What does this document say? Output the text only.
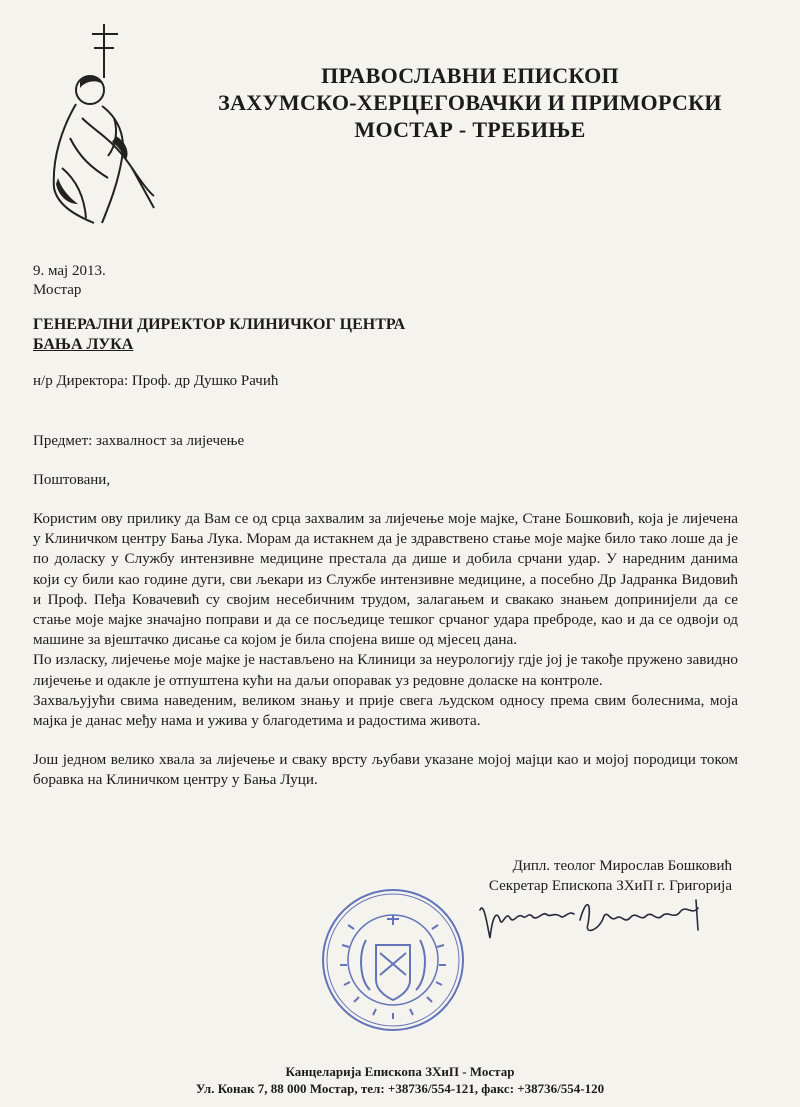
ПРАВОСЛАВНИ ЕПИСКОП
ЗАХУМСКО-ХЕРЦЕГОВАЧКИ И ПРИМОРСКИ
МОСТАР - ТРЕБИЊЕ
9. мај 2013.
Мостар
ГЕНЕРАЛНИ ДИРЕКТОР КЛИНИЧКОГ ЦЕНТРА
БАЊА ЛУКА
н/р Директора: Проф. др Душко Рачић
Предмет: захвалност за лијечење
Поштовани,

Користим ову прилику да Вам се од срца захвалим за лијечење моје мајке, Стане Бошковић, која је лијечена у Клиничком центру Бања Лука. Морам да истакнем да је здравствено стање моје мајке било тако лоше да је по доласку у Службу интензивне медицине престала да дише и добила срчани удар. У наредним данима који су били као године дуги, сви љекари из Службе интензивне медицине, а посебно Др Јадранка Видовић и Проф. Пеђа Ковачевић су својим несебичним трудом, залагањем и свакако знањем допринијели да се стање моје мајке значајно поправи и да се посљедице тешког срчаног удара преброде, као и да се одвоји од машине за вјештачко дисање са којом је била спојена више од мјесец дана.

По изласку, лијечење моје мајке је настављено на Клиници за неурологију гдје јој је такође пружено завидно лијечење и одакле је отпуштена кући на даљи опоравак уз редовне доласке на контроле.

Захваљујући свима наведеним, великом знању и прије свега људском односу према свим болеснима, моја мајка је данас међу нама и ужива у благодетима и радостима живота.

Још једном велико хвала за лијечење и сваку врсту љубави указане мојој мајци као и мојој породици током боравка на Клиничком центру у Бања Луци.

Дипл. теолог Мирослав Бошковић
Секретар Епископа ЗХиП г. Григорија
Канцеларија Епископа ЗХиП - Мостар
Ул. Конак 7, 88 000 Мостар, тел: +38736/554-121, факс: +38736/554-120
